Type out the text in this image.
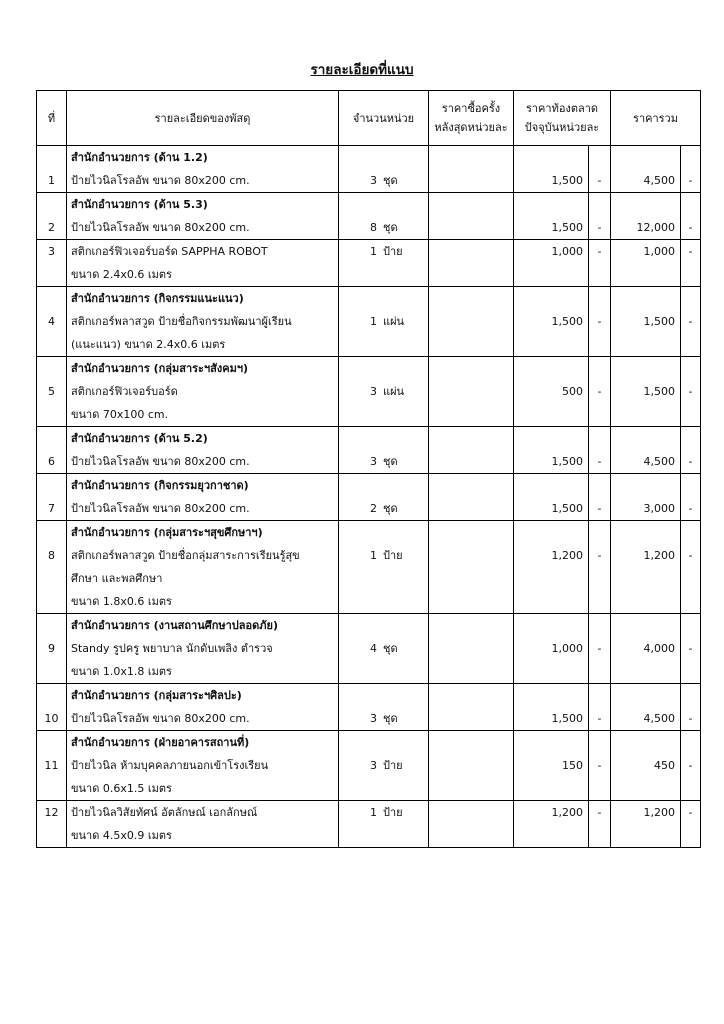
รายละเอียดที่แนบ
ที่	รายละเอียดของพัสดุ	จำนวนหน่วย	ราคาซื้อครั้ง
หลังสุดหน่วยละ	ราคาท้องตลาด
ปัจจุบันหน่วยละ		ราคารวม	

1	สำนักอำนวยการ (ด้าน 1.2)
ป้ายไวนิลโรลอัพ ขนาด 80x200 cm.	3 ชุด		1,500	-	4,500	-

2	สำนักอำนวยการ (ด้าน 5.3)
ป้ายไวนิลโรลอัพ ขนาด 80x200 cm.	8 ชุด		1,500	-	12,000	-

3	สติกเกอร์ฟิวเจอร์บอร์ด SAPPHA ROBOT
ขนาด 2.4x0.6 เมตร	1 ป้าย		1,000	-	1,000	-

4	สำนักอำนวยการ (กิจกรรมแนะแนว)
สติกเกอร์พลาสวูด ป้ายชื่อกิจกรรมพัฒนาผู้เรียน
(แนะแนว) ขนาด 2.4x0.6 เมตร	1 แผ่น		1,500	-	1,500	-

5	สำนักอำนวยการ (กลุ่มสาระฯสังคมฯ)
สติกเกอร์ฟิวเจอร์บอร์ด
ขนาด 70x100 cm.	3 แผ่น		500	-	1,500	-

6	สำนักอำนวยการ (ด้าน 5.2)
ป้ายไวนิลโรลอัพ ขนาด 80x200 cm.	3 ชุด		1,500	-	4,500	-

7	สำนักอำนวยการ (กิจกรรมยุวกาชาด)
ป้ายไวนิลโรลอัพ ขนาด 80x200 cm.	2 ชุด		1,500	-	3,000	-

8	สำนักอำนวยการ (กลุ่มสาระฯสุขศึกษาฯ)
สติกเกอร์พลาสวูด ป้ายชื่อกลุ่มสาระการเรียนรู้สุข
ศึกษา และพลศึกษา
ขนาด 1.8x0.6 เมตร	1 ป้าย		1,200	-	1,200	-

9	สำนักอำนวยการ (งานสถานศึกษาปลอดภัย)
Standy รูปครู พยาบาล นักดับเพลิง ตำรวจ
ขนาด 1.0x1.8 เมตร	4 ชุด		1,000	-	4,000	-

10	สำนักอำนวยการ (กลุ่มสาระฯศิลปะ)
ป้ายไวนิลโรลอัพ ขนาด 80x200 cm.	3 ชุด		1,500	-	4,500	-

11	สำนักอำนวยการ (ฝ่ายอาคารสถานที่)
ป้ายไวนิล ห้ามบุคคลภายนอกเข้าโรงเรียน
ขนาด 0.6x1.5 เมตร	3 ป้าย		150	-	450	-

12	ป้ายไวนิลวิสัยทัศน์ อัตลักษณ์ เอกลักษณ์
ขนาด 4.5x0.9 เมตร	1 ป้าย		1,200	-	1,200	-
